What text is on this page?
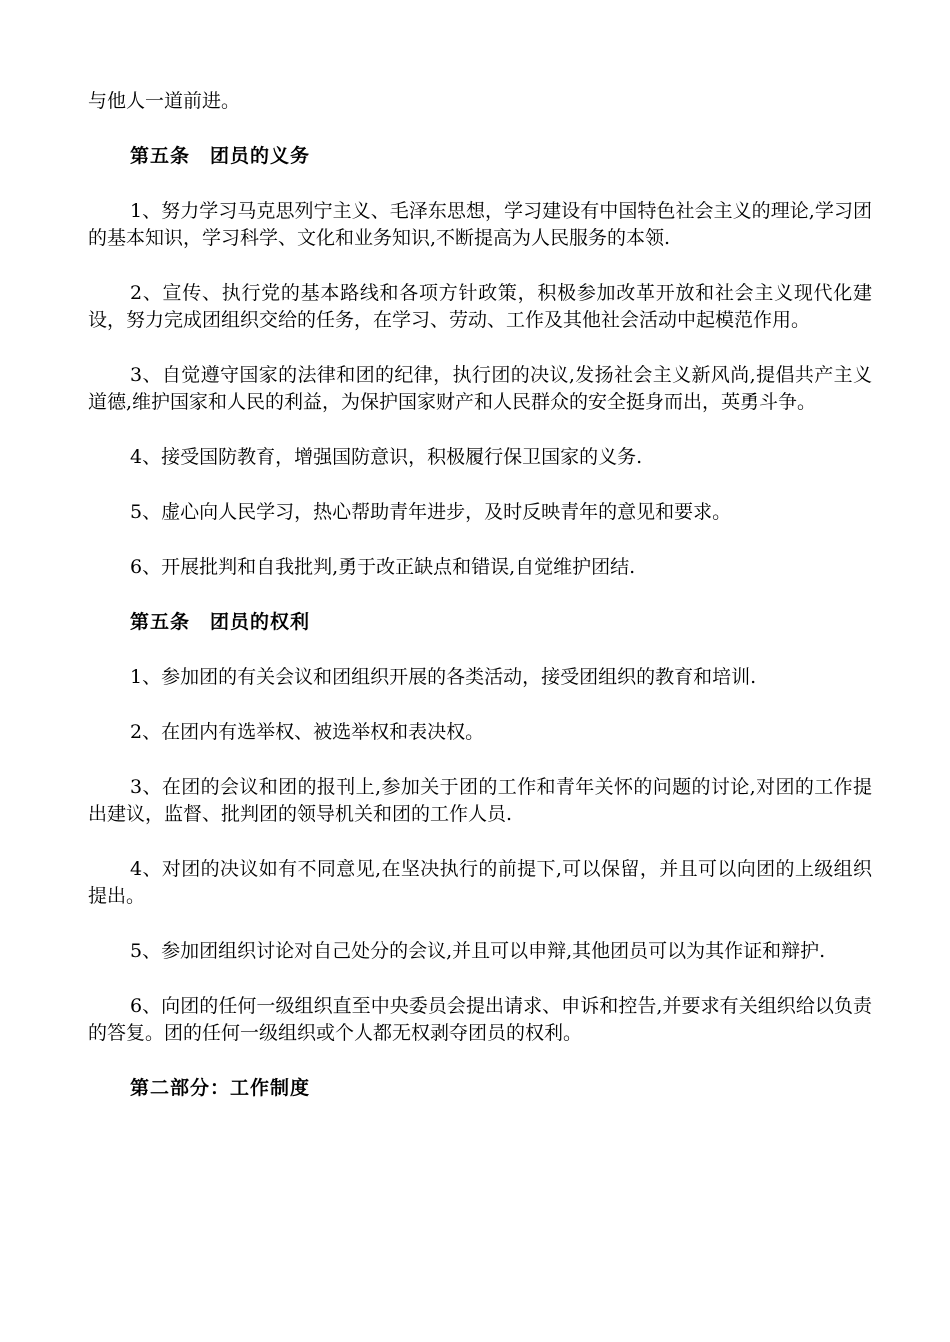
与他人一道前进。

第五条　团员的义务

1、努力学习马克思列宁主义、毛泽东思想，学习建设有中国特色社会主义的理论,学习团的基本知识，学习科学、文化和业务知识,不断提高为人民服务的本领.

2、宣传、执行党的基本路线和各项方针政策，积极参加改革开放和社会主义现代化建设，努力完成团组织交给的任务，在学习、劳动、工作及其他社会活动中起模范作用。

3、自觉遵守国家的法律和团的纪律，执行团的决议,发扬社会主义新风尚,提倡共产主义道德,维护国家和人民的利益，为保护国家财产和人民群众的安全挺身而出，英勇斗争。

4、接受国防教育，增强国防意识，积极履行保卫国家的义务.

5、虚心向人民学习，热心帮助青年进步，及时反映青年的意见和要求。

6、开展批判和自我批判,勇于改正缺点和错误,自觉维护团结.

第五条　团员的权利

1、参加团的有关会议和团组织开展的各类活动，接受团组织的教育和培训.

2、在团内有选举权、被选举权和表决权。

3、在团的会议和团的报刊上,参加关于团的工作和青年关怀的问题的讨论,对团的工作提出建议，监督、批判团的领导机关和团的工作人员.

4、对团的决议如有不同意见,在坚决执行的前提下,可以保留，并且可以向团的上级组织提出。

5、参加团组织讨论对自己处分的会议,并且可以申辩,其他团员可以为其作证和辩护.

6、向团的任何一级组织直至中央委员会提出请求、申诉和控告,并要求有关组织给以负责的答复。团的任何一级组织或个人都无权剥夺团员的权利。

第二部分：工作制度
